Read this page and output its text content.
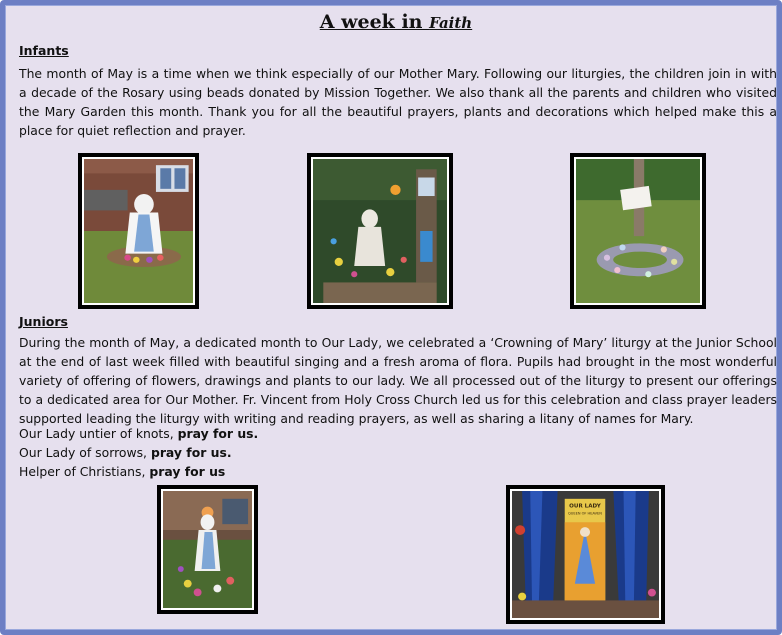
A week in Faith
Infants

The month of May is a time when we think especially of our Mother Mary. Following our liturgies, the children join in with a decade of the Rosary using beads donated by Mission Together. We also thank all the parents and children who visited the Mary Garden this month. Thank you for all the beautiful prayers, plants and decorations which helped make this a place for quiet reflection and prayer.

Juniors

During the month of May, a dedicated month to Our Lady, we celebrated a ‘Crowning of Mary’ liturgy at the Junior School at the end of last week filled with beautiful singing and a fresh aroma of flora. Pupils had brought in the most wonderful variety of offering of flowers, drawings and plants to our lady. We all processed out of the liturgy to present our offerings to a dedicated area for Our Mother. Fr. Vincent from Holy Cross Church led us for this celebration and class prayer leaders supported leading the liturgy with writing and reading prayers, as well as sharing a litany of names for Mary.

Our Lady untier of knots, pray for us.
Our Lady of sorrows, pray for us.
Helper of Christians, pray for us
OUR LADY
QUEEN OF HEAVEN
